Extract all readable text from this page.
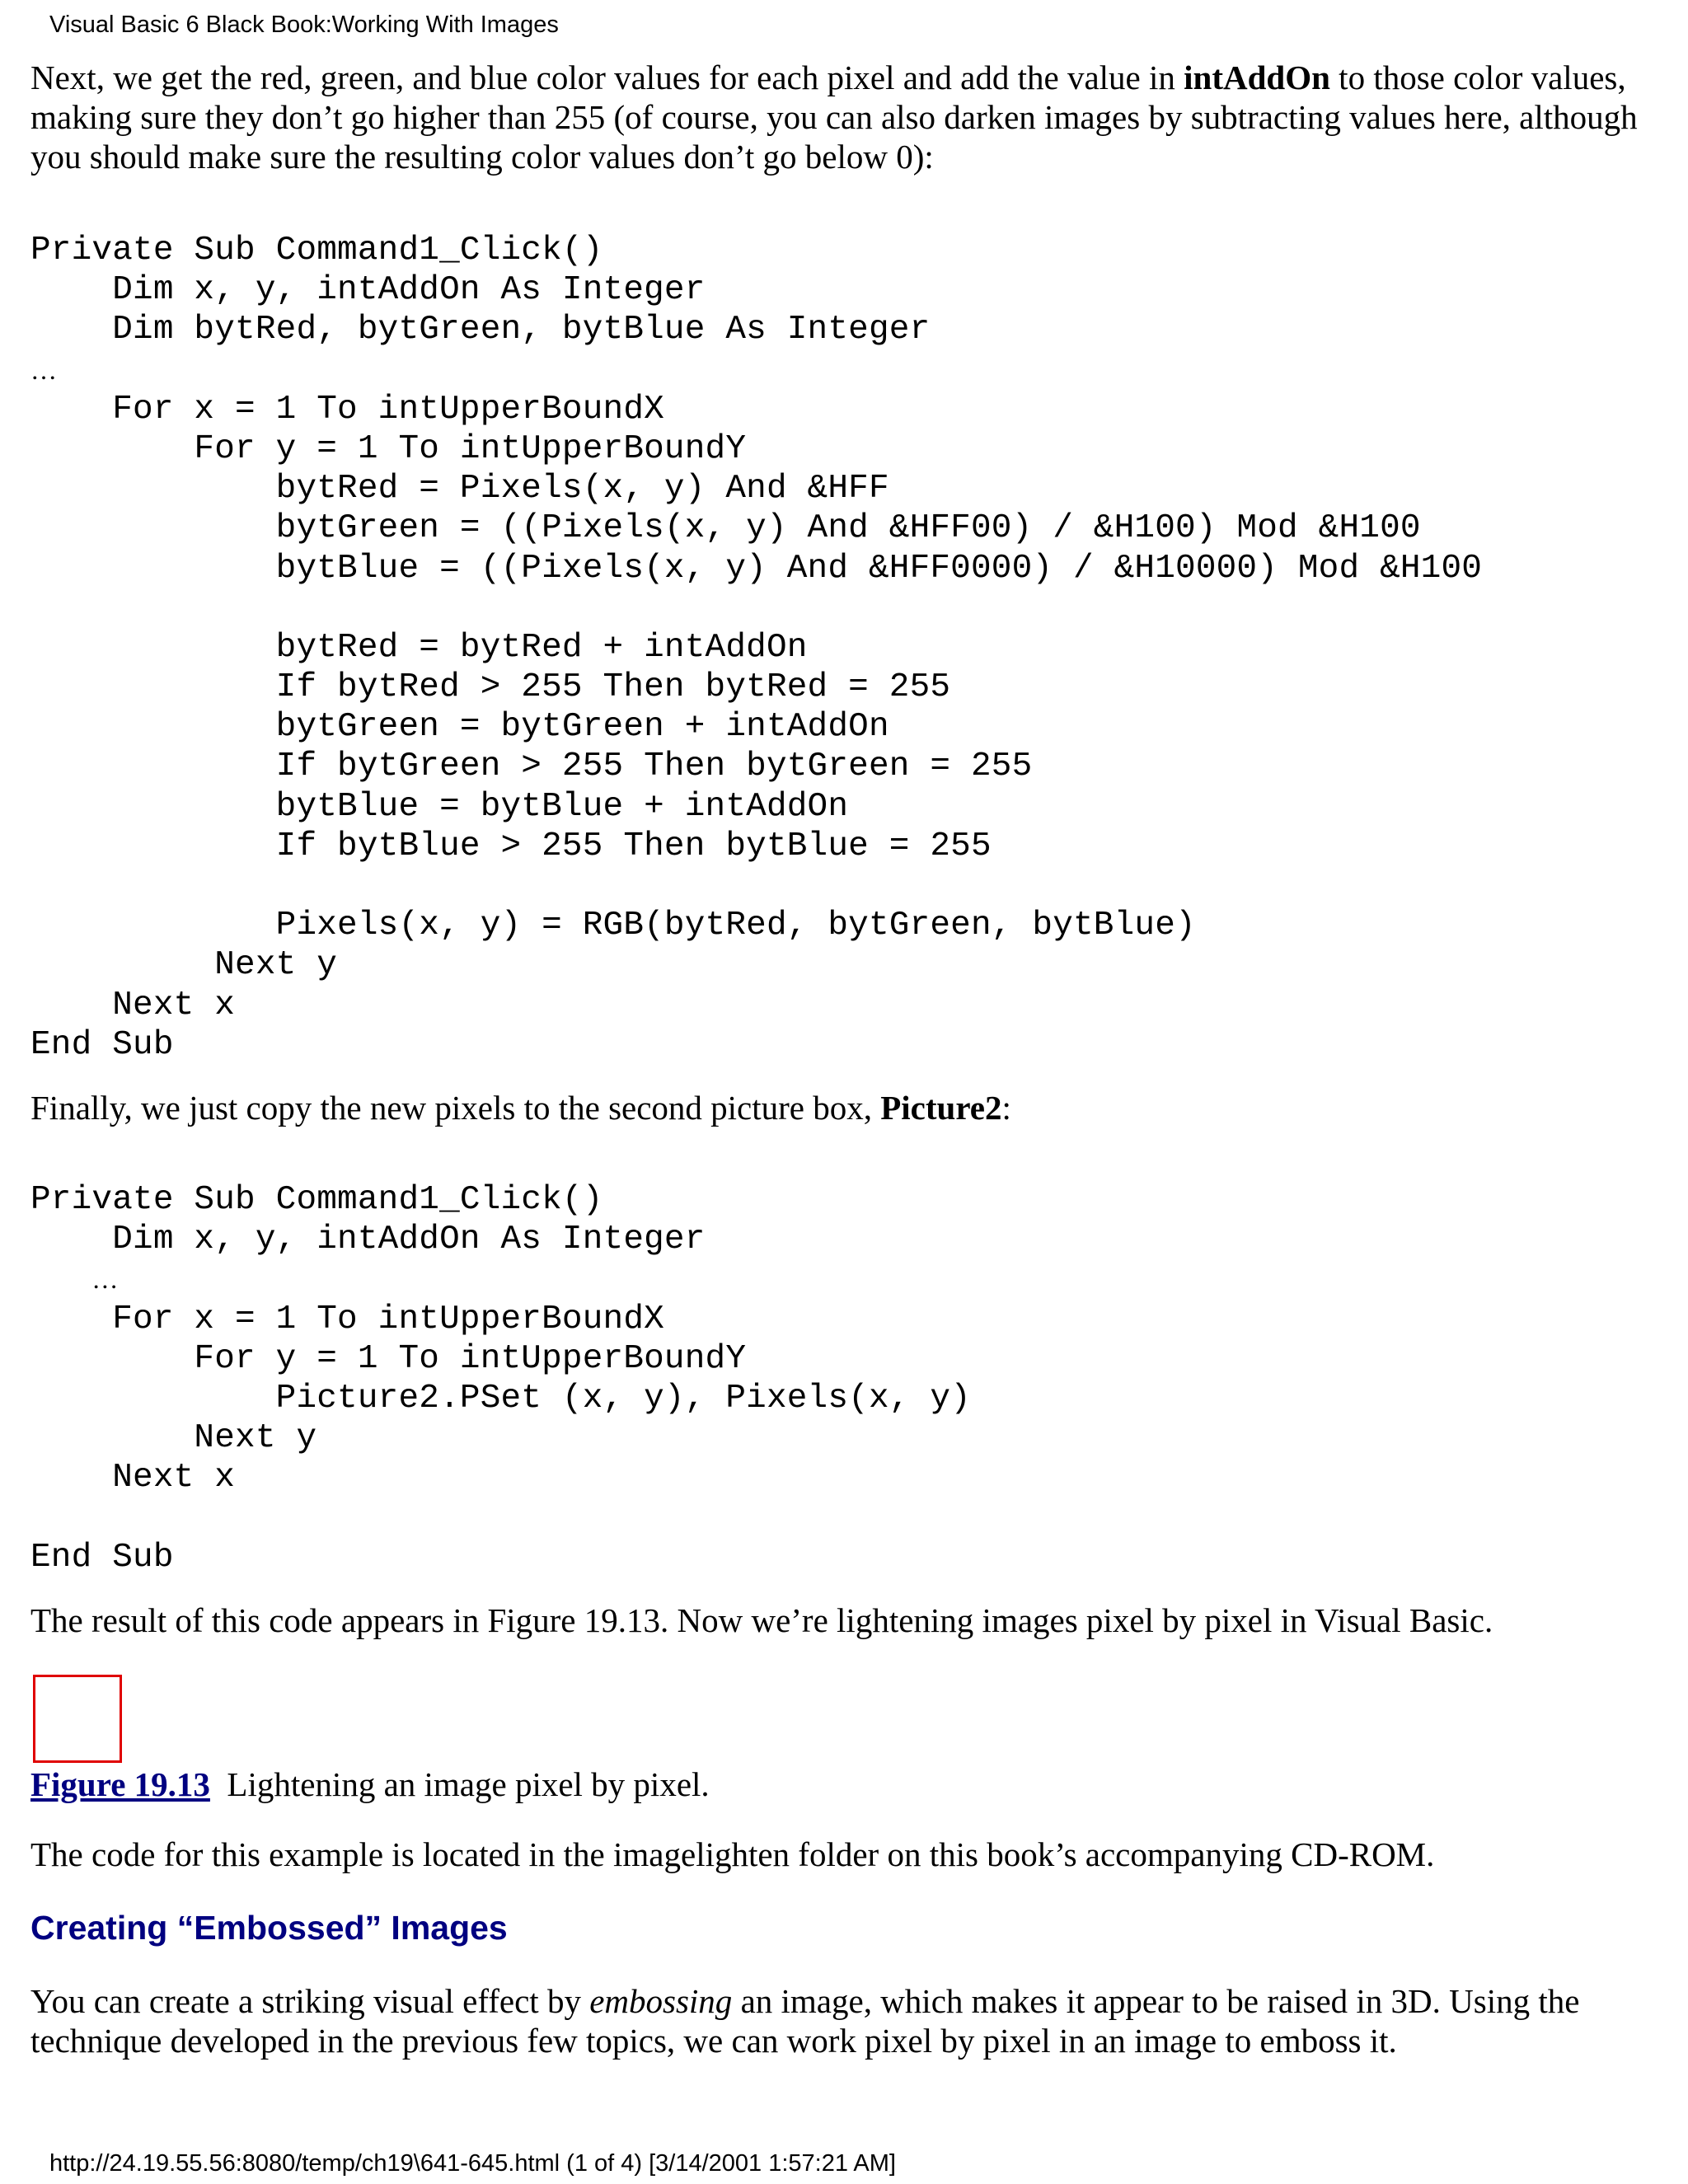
Visual Basic 6 Black Book:Working With Images

Next, we get the red, green, and blue color values for each pixel and add the value in intAddOn to those color values, making sure they don’t go higher than 255 (of course, you can also darken images by subtracting values here, although you should make sure the resulting color values don’t go below 0):

Private Sub Command1_Click()
Dim x, y, intAddOn As Integer
Dim bytRed, bytGreen, bytBlue As Integer
…
For x = 1 To intUpperBoundX
For y = 1 To intUpperBoundY
bytRed = Pixels(x, y) And &HFF
bytGreen = ((Pixels(x, y) And &HFF00) / &H100) Mod &H100
bytBlue = ((Pixels(x, y) And &HFF0000) / &H10000) Mod &H100

bytRed = bytRed + intAddOn
If bytRed > 255 Then bytRed = 255
bytGreen = bytGreen + intAddOn
If bytGreen > 255 Then bytGreen = 255
bytBlue = bytBlue + intAddOn
If bytBlue > 255 Then bytBlue = 255

Pixels(x, y) = RGB(bytRed, bytGreen, bytBlue)
Next y
Next x
End Sub

Finally, we just copy the new pixels to the second picture box, Picture2:

Private Sub Command1_Click()
Dim x, y, intAddOn As Integer
…
For x = 1 To intUpperBoundX
For y = 1 To intUpperBoundY
Picture2.PSet (x, y), Pixels(x, y)
Next y
Next x

End Sub

The result of this code appears in Figure 19.13. Now we’re lightening images pixel by pixel in Visual Basic.

Figure 19.13  Lightening an image pixel by pixel.

The code for this example is located in the imagelighten folder on this book’s accompanying CD-ROM.

Creating “Embossed” Images

You can create a striking visual effect by embossing an image, which makes it appear to be raised in 3D. Using the technique developed in the previous few topics, we can work pixel by pixel in an image to emboss it.

http://24.19.55.56:8080/temp/ch19\641-645.html (1 of 4) [3/14/2001 1:57:21 AM]
